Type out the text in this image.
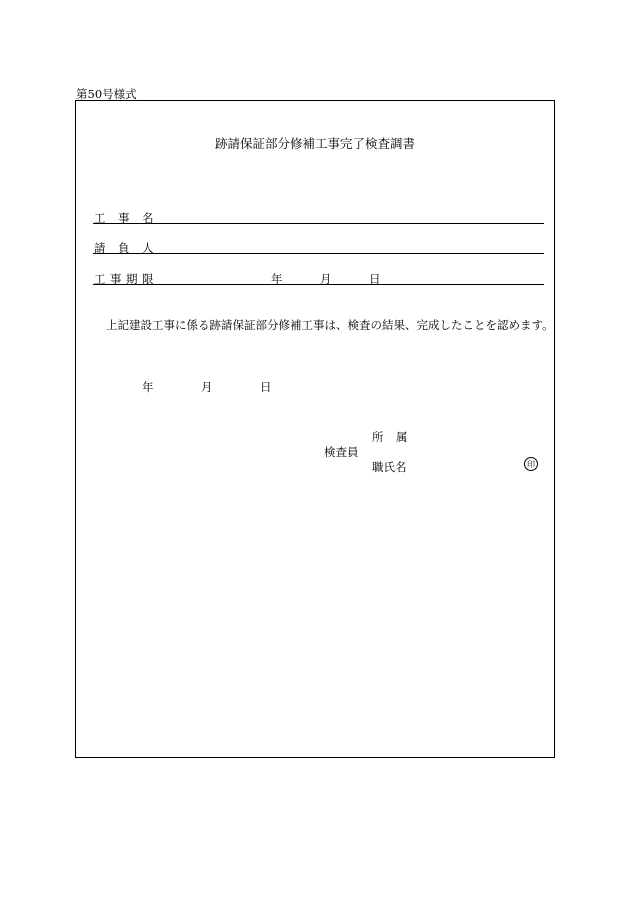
第50号様式
跡請保証部分修補工事完了検査調書
工 事 名
請 負 人
工 事 期 限	年	月	日
上記建設工事に係る跡請保証部分修補工事は、検査の結果、完成したことを認めます。
年	月	日
所 属
検査員
職氏名	印
